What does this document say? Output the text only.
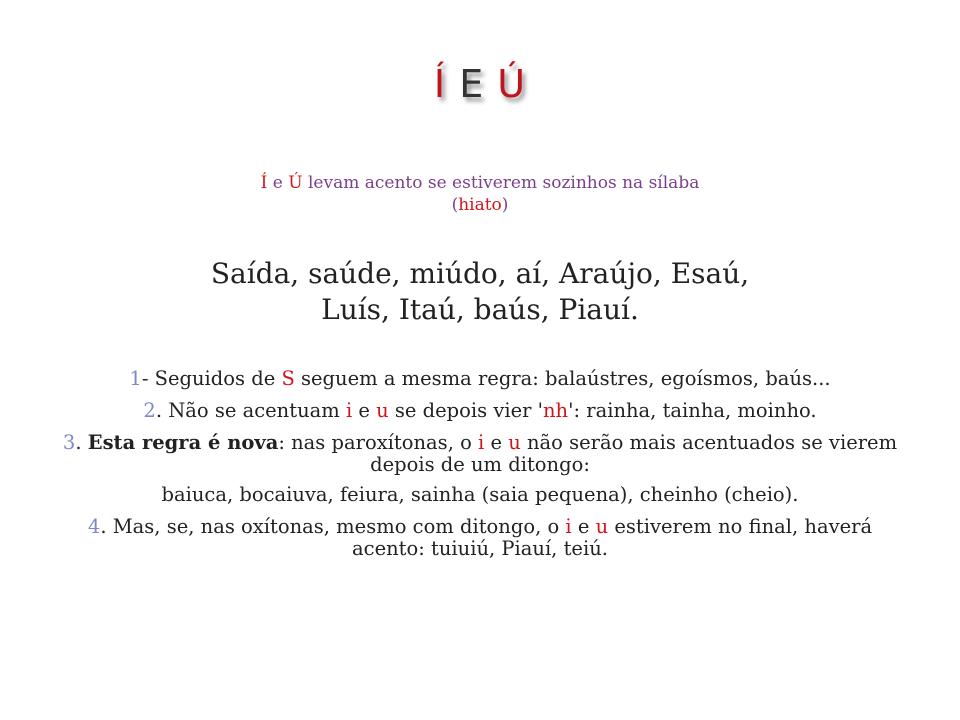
Í E Ú
Í e Ú levam acento se estiverem sozinhos na sílaba
(hiato)
Saída, saúde, miúdo, aí, Araújo, Esaú,
Luís, Itaú, baús, Piauí.

1- Seguidos de S seguem a mesma regra: balaústres, egoísmos, baús...

2. Não se acentuam i e u se depois vier 'nh': rainha, tainha, moinho.

3. Esta regra é nova: nas paroxítonas, o i e u não serão mais acentuados se vierem depois de um ditongo:

baiuca, bocaiuva, feiura, sainha (saia pequena), cheinho (cheio).

4. Mas, se, nas oxítonas, mesmo com ditongo, o i e u estiverem no final, haverá acento: tuiuiú, Piauí, teiú.
